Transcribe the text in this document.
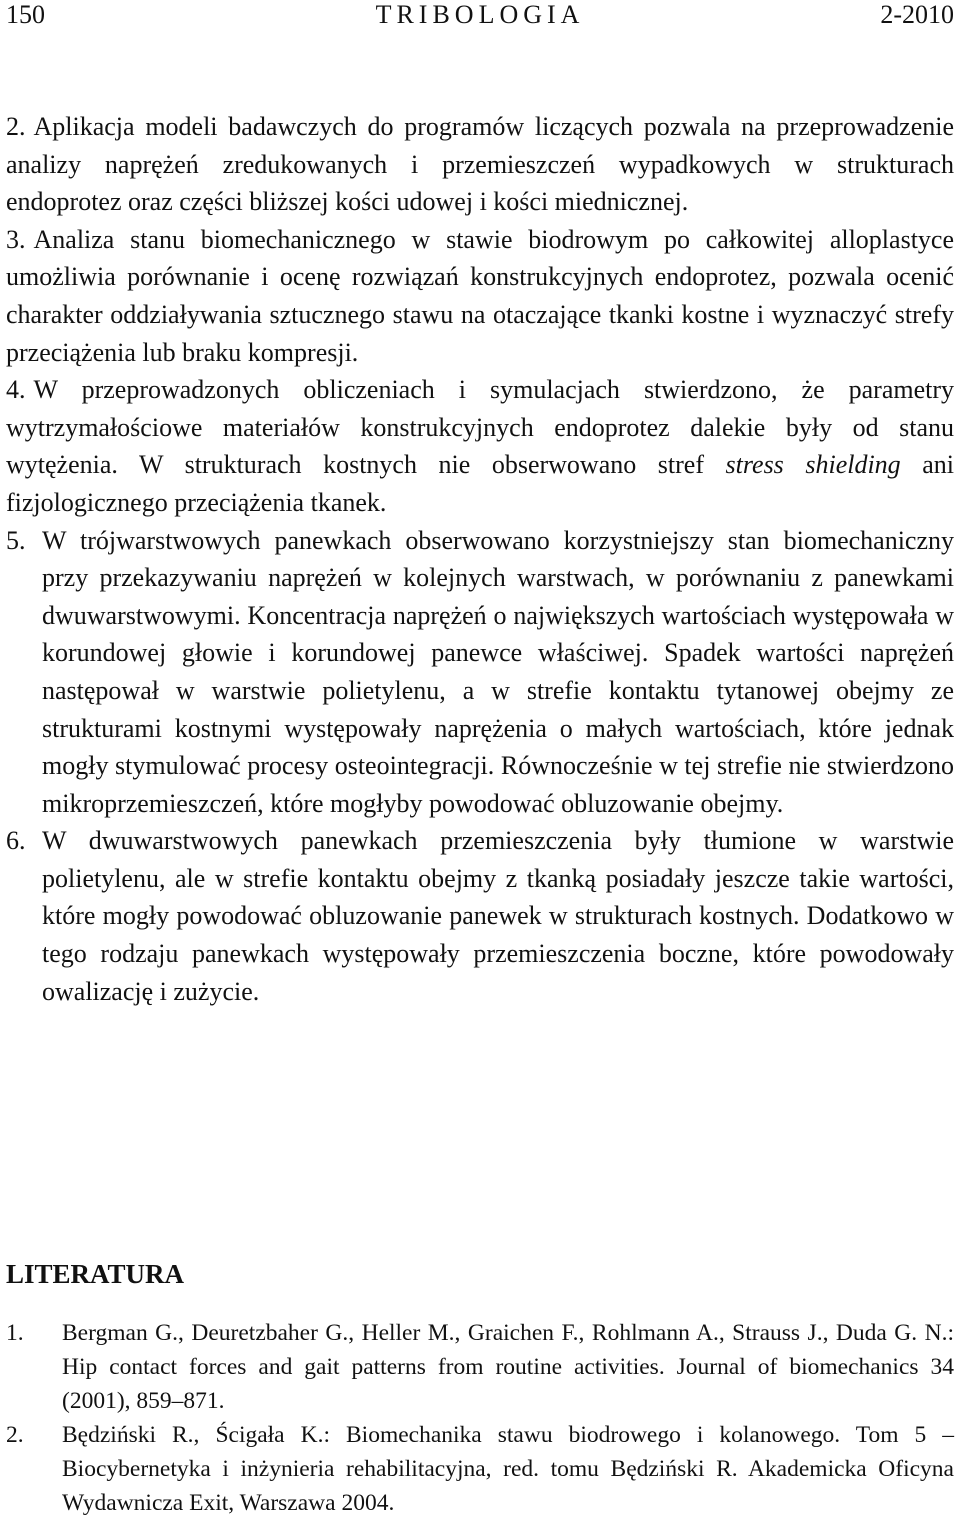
150	TRIBOLOGIA	2-2010
2. Aplikacja modeli badawczych do programów liczących pozwala na przeprowadzenie analizy naprężeń zredukowanych i przemieszczeń wypadkowych w strukturach endoprotez oraz części bliższej kości udowej i kości miednicznej.
3. Analiza stanu biomechanicznego w stawie biodrowym po całkowitej alloplastyce umożliwia porównanie i ocenę rozwiązań konstrukcyjnych endoprotez, pozwala ocenić charakter oddziaływania sztucznego stawu na otaczające tkanki kostne i wyznaczyć strefy przeciążenia lub braku kompresji.
4. W przeprowadzonych obliczeniach i symulacjach stwierdzono, że parametry wytrzymałościowe materiałów konstrukcyjnych endoprotez dalekie były od stanu wytężenia. W strukturach kostnych nie obserwowano stref stress shielding ani fizjologicznego przeciążenia tkanek.
5. W trójwarstwowych panewkach obserwowano korzystniejszy stan biomechaniczny przy przekazywaniu naprężeń w kolejnych warstwach, w porównaniu z panewkami dwuwarstwowymi. Koncentracja naprężeń o największych wartościach występowała w korundowej głowie i korundowej panewce właściwej. Spadek wartości naprężeń następował w warstwie polietylenu, a w strefie kontaktu tytanowej obejmy ze strukturami kostnymi występowały naprężenia o małych wartościach, które jednak mogły stymulować procesy osteointegracji. Równocześnie w tej strefie nie stwierdzono mikroprzemieszczeń, które mogłyby powodować obluzowanie obejmy.
6. W dwuwarstwowych panewkach przemieszczenia były tłumione w warstwie polietylenu, ale w strefie kontaktu obejmy z tkanką posiadały jeszcze takie wartości, które mogły powodować obluzowanie panewek w strukturach kostnych. Dodatkowo w tego rodzaju panewkach występowały przemieszczenia boczne, które powodowały owalizację i zużycie.
LITERATURA
1. Bergman G., Deuretzbaher G., Heller M., Graichen F., Rohlmann A., Strauss J., Duda G. N.: Hip contact forces and gait patterns from routine activities. Journal of biomechanics 34 (2001), 859–871.
2. Będziński R., Ścigała K.: Biomechanika stawu biodrowego i kolanowego. Tom 5 – Biocybernetyka i inżynieria rehabilitacyjna, red. tomu Będziński R. Akademicka Oficyna Wydawnicza Exit, Warszawa 2004.
